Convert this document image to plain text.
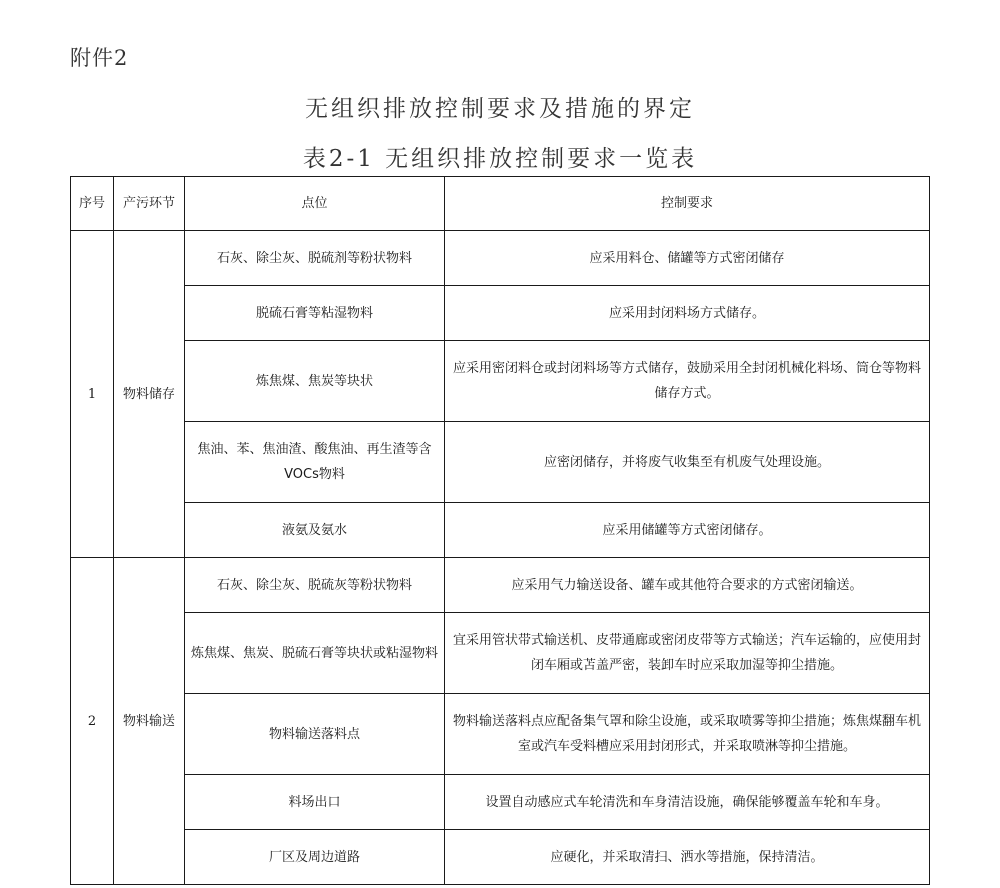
附件2
无组织排放控制要求及措施的界定
表2-1 无组织排放控制要求一览表
序号	产污环节	点位	控制要求
1	物料储存	石灰、除尘灰、脱硫剂等粉状物料	应采用料仓、储罐等方式密闭储存
		脱硫石膏等粘湿物料	应采用封闭料场方式储存。
		炼焦煤、焦炭等块状	应采用密闭料仓或封闭料场等方式储存，鼓励采用全封闭机械化料场、筒仓等物料储存方式。
		焦油、苯、焦油渣、酸焦油、再生渣等含VOCs物料	应密闭储存，并将废气收集至有机废气处理设施。
		液氨及氨水	应采用储罐等方式密闭储存。
2	物料输送	石灰、除尘灰、脱硫灰等粉状物料	应采用气力输送设备、罐车或其他符合要求的方式密闭输送。
		炼焦煤、焦炭、脱硫石膏等块状或粘湿物料	宜采用管状带式输送机、皮带通廊或密闭皮带等方式输送；汽车运输的，应使用封闭车厢或苫盖严密，装卸车时应采取加湿等抑尘措施。
		物料输送落料点	物料输送落料点应配备集气罩和除尘设施，或采取喷雾等抑尘措施；炼焦煤翻车机室或汽车受料槽应采用封闭形式，并采取喷淋等抑尘措施。
		料场出口	设置自动感应式车轮清洗和车身清洁设施，确保能够覆盖车轮和车身。
		厂区及周边道路	应硬化，并采取清扫、洒水等措施，保持清洁。
